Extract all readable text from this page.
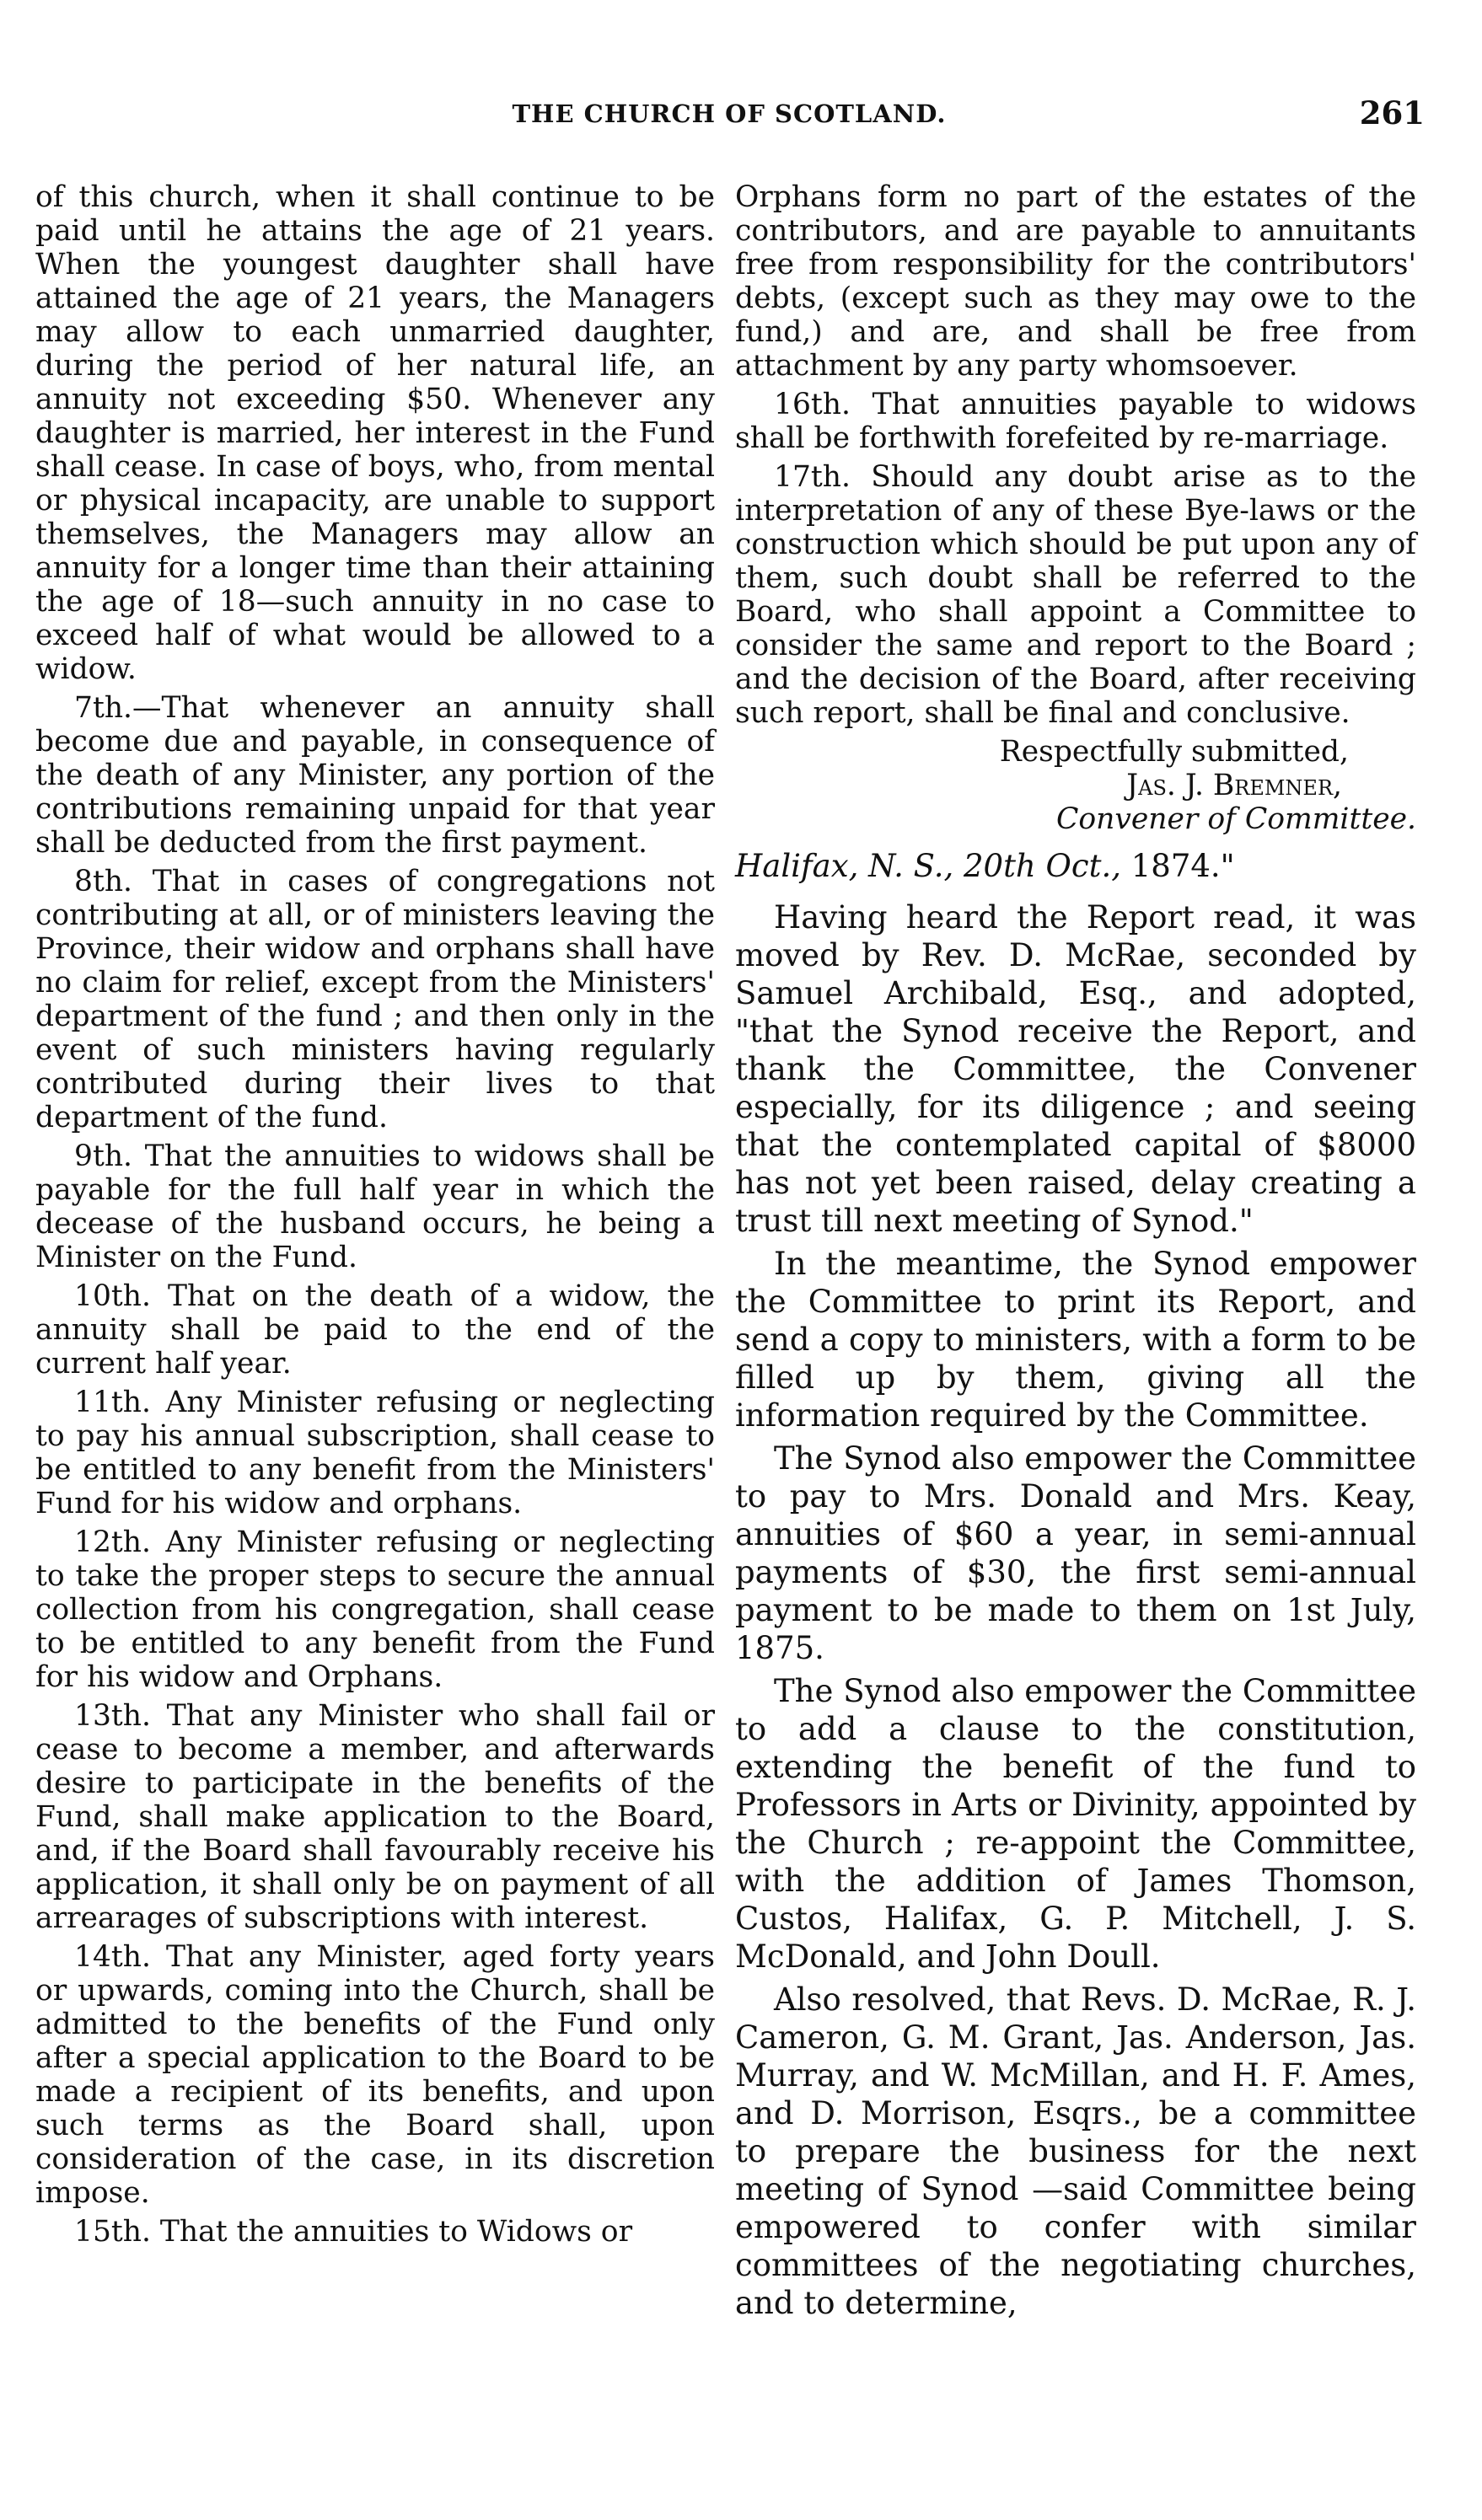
THE CHURCH OF SCOTLAND.	261

of this church, when it shall continue to be paid until he attains the age of 21 years. When the youngest daughter shall have attained the age of 21 years, the Managers may allow to each unmarried daughter, during the period of her natural life, an annuity not exceeding $50. Whenever any daughter is married, her interest in the Fund shall cease. In case of boys, who, from mental or physical incapacity, are unable to support themselves, the Managers may allow an annuity for a longer time than their attaining the age of 18—such annuity in no case to exceed half of what would be allowed to a widow.

7th.—That whenever an annuity shall become due and payable, in consequence of the death of any Minister, any portion of the contributions remaining unpaid for that year shall be deducted from the first payment.

8th. That in cases of congregations not contributing at all, or of ministers leaving the Province, their widow and orphans shall have no claim for relief, except from the Ministers' department of the fund ; and then only in the event of such ministers having regularly contributed during their lives to that department of the fund.

9th. That the annuities to widows shall be payable for the full half year in which the decease of the husband occurs, he being a Minister on the Fund.

10th. That on the death of a widow, the annuity shall be paid to the end of the current half year.

11th. Any Minister refusing or neglecting to pay his annual subscription, shall cease to be entitled to any benefit from the Ministers' Fund for his widow and orphans.

12th. Any Minister refusing or neglecting to take the proper steps to secure the annual collection from his congregation, shall cease to be entitled to any benefit from the Fund for his widow and Orphans.

13th. That any Minister who shall fail or cease to become a member, and afterwards desire to participate in the benefits of the Fund, shall make application to the Board, and, if the Board shall favourably receive his application, it shall only be on payment of all arrearages of subscriptions with interest.

14th. That any Minister, aged forty years or upwards, coming into the Church, shall be admitted to the benefits of the Fund only after a special application to the Board to be made a recipient of its benefits, and upon such terms as the Board shall, upon consideration of the case, in its discretion impose.

15th. That the annuities to Widows or

Orphans form no part of the estates of the contributors, and are payable to annuitants free from responsibility for the contributors' debts, (except such as they may owe to the fund,) and are, and shall be free from attachment by any party whomsoever.

16th. That annuities payable to widows shall be forthwith forefeited by re-marriage.

17th. Should any doubt arise as to the interpretation of any of these Bye-laws or the construction which should be put upon any of them, such doubt shall be referred to the Board, who shall appoint a Committee to consider the same and report to the Board ; and the decision of the Board, after receiving such report, shall be final and conclusive.

Respectfully submitted,
Jas. J. Bremner,
Convener of Committee.
Halifax, N. S., 20th Oct., 1874."

Having heard the Report read, it was moved by Rev. D. McRae, seconded by Samuel Archibald, Esq., and adopted, "that the Synod receive the Report, and thank the Committee, the Convener especially, for its diligence ; and seeing that the contemplated capital of $8000 has not yet been raised, delay creating a trust till next meeting of Synod."

In the meantime, the Synod empower the Committee to print its Report, and send a copy to ministers, with a form to be filled up by them, giving all the information required by the Committee.

The Synod also empower the Committee to pay to Mrs. Donald and Mrs. Keay, annuities of $60 a year, in semi-annual payments of $30, the first semi-annual payment to be made to them on 1st July, 1875.

The Synod also empower the Committee to add a clause to the constitution, extending the benefit of the fund to Professors in Arts or Divinity, appointed by the Church ; re-appoint the Committee, with the addition of James Thomson, Custos, Halifax, G. P. Mitchell, J. S. McDonald, and John Doull.

Also resolved, that Revs. D. McRae, R. J. Cameron, G. M. Grant, Jas. Anderson, Jas. Murray, and W. McMillan, and H. F. Ames, and D. Morrison, Esqrs., be a committee to prepare the business for the next meeting of Synod —said Committee being empowered to confer with similar committees of the negotiating churches, and to determine,
